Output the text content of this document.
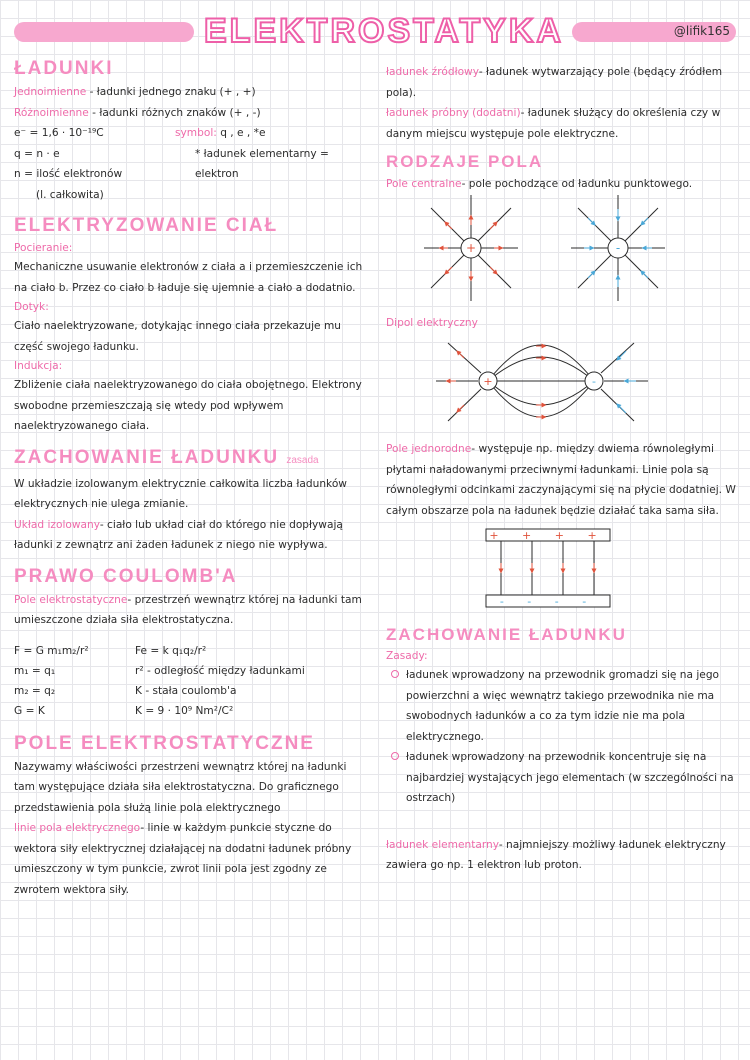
ELEKTROSTATYKA	@lifik165
ŁADUNKI
Jednoimienne - ładunki jednego znaku (+ , +)
Różnoimienne - ładunki różnych znaków (+ , -)
e⁻ = 1,6 · 10⁻¹⁹C	symbol: q , e , *e
q = n · e	* ładunek elementarny =
n = ilość elektronów	elektron
(l. całkowita)
ELEKTRYZOWANIE CIAŁ
Pocieranie:

Mechaniczne usuwanie elektronów z ciała a i przemieszczenie ich na ciało b. Przez co ciało b ładuje się ujemnie a ciało a dodatnio.

Dotyk:

Ciało naelektryzowane, dotykając innego ciała przekazuje mu część swojego ładunku.

Indukcja:

Zbliżenie ciała naelektryzowanego do ciała obojętnego. Elektrony swobodne przemieszczają się wtedy pod wpływem naelektryzowanego ciała.

ZACHOWANIE ŁADUNKU zasada

W układzie izolowanym elektrycznie całkowita liczba ładunków elektrycznych nie ulega zmianie.

Układ izolowany- ciało lub układ ciał do którego nie dopływają ładunki z zewnątrz ani żaden ładunek z niego nie wypływa.

PRAWO COULOMB'A

Pole elektrostatyczne- przestrzeń wewnątrz której na ładunki tam umieszczone działa siła elektrostatyczna.

F = G m₁m₂/r²	Fe = k q₁q₂/r²
m₁ = q₁	r² - odległość między ładunkami
m₂ = q₂	K - stała coulomb'a
G = K	K = 9 · 10⁹ Nm²/C²
POLE ELEKTROSTATYCZNE

Nazywamy właściwości przestrzeni wewnątrz której na ładunki tam występujące działa siła elektrostatyczna. Do graficznego przedstawienia pola służą linie pola elektrycznego

linie pola elektrycznego- linie w każdym punkcie styczne do wektora siły elektrycznej działającej na dodatni ładunek próbny umieszczony w tym punkcie, zwrot linii pola jest zgodny ze zwrotem wektora siły.

ładunek źródłowy- ładunek wytwarzający pole (będący źródłem pola).

ładunek próbny (dodatni)- ładunek służący do określenia czy w danym miejscu występuje pole elektryczne.

RODZAJE POLA

Pole centralne- pole pochodzące od ładunku punktowego.

+	-

Dipol elektryczny

+	-

Pole jednorodne- występuje np. między dwiema równoległymi płytami naładowanymi przeciwnymi ładunkami. Linie pola są równoległymi odcinkami zaczynającymi się na płycie dodatniej. W całym obszarze pola na ładunek będzie działać taka sama siła.

+ + + +
- - - -
ZACHOWANIE ŁADUNKU
Zasady:
ładunek wprowadzony na przewodnik gromadzi się na jego powierzchni a więc wewnątrz takiego przewodnika nie ma swobodnych ładunków a co za tym idzie nie ma pola elektrycznego.
ładunek wprowadzony na przewodnik koncentruje się na najbardziej wystających jego elementach (w szczególności na ostrzach)

ładunek elementarny- najmniejszy możliwy ładunek elektryczny zawiera go np. 1 elektron lub proton.
